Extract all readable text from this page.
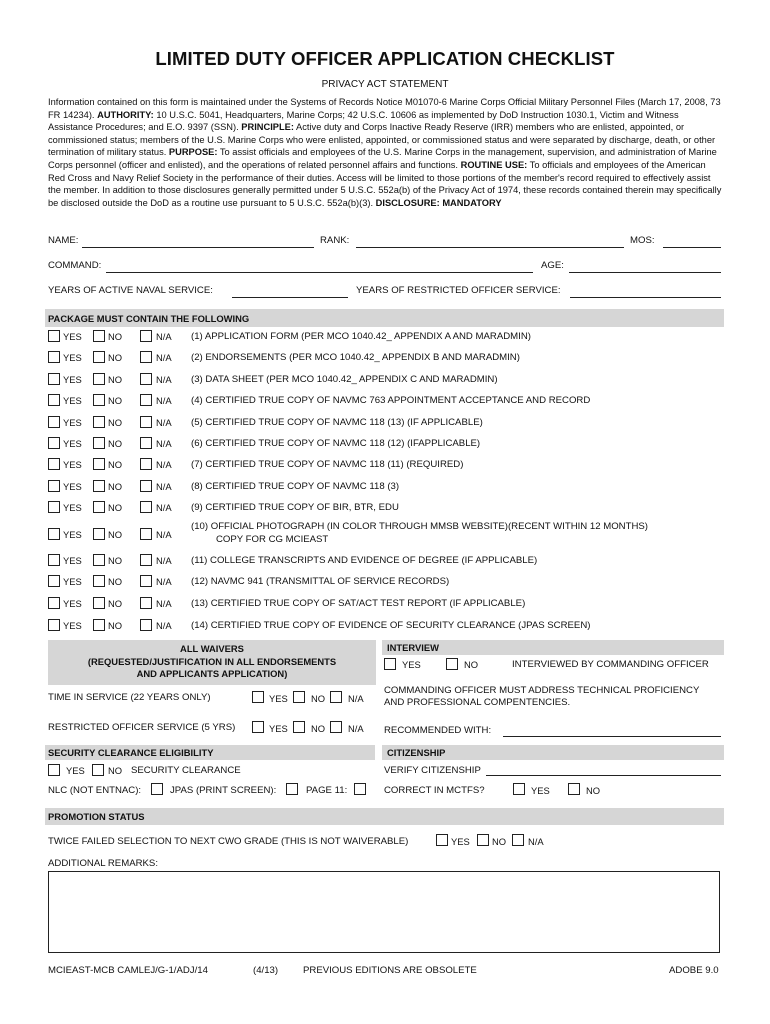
LIMITED DUTY OFFICER APPLICATION CHECKLIST
PRIVACY ACT STATEMENT
Information contained on this form is maintained under the Systems of Records Notice M01070-6 Marine Corps Official Military Personnel Files (March 17, 2008, 73 FR 14234). AUTHORITY: 10 U.S.C. 5041, Headquarters, Marine Corps; 42 U.S.C. 10606 as implemented by DoD Instruction 1030.1, Victim and Witness Assistance Procedures; and E.O. 9397 (SSN). PRINCIPLE: Active duty and Corps Inactive Ready Reserve (IRR) members who are enlisted, appointed, or commissioned status; members of the U.S. Marine Corps who were enlisted, appointed, or commissioned status and were separated by discharge, death, or other termination of military status. PURPOSE: To assist officials and employees of the U.S. Marine Corps in the management, supervision, and administration of Marine Corps personnel (officer and enlisted), and the operations of related personnel affairs and functions. ROUTINE USE: To officials and employees of the American Red Cross and Navy Relief Society in the performance of their duties. Access will be limited to those portions of the member's record required to effectively assist the member. In addition to those disclosures generally permitted under 5 U.S.C. 552a(b) of the Privacy Act of 1974, these records contained therein may specifically be disclosed outside the DoD as a routine use pursuant to 5 U.S.C. 552a(b)(3). DISCLOSURE: MANDATORY
NAME:	RANK:	MOS:
COMMAND:	AGE:
YEARS OF ACTIVE NAVAL SERVICE:	YEARS OF RESTRICTED OFFICER SERVICE:
PACKAGE MUST CONTAIN THE FOLLOWING
YES	NO	N/A (1) APPLICATION FORM (PER MCO 1040.42_ APPENDIX A AND MARADMIN)
YES	NO	N/A (2) ENDORSEMENTS (PER MCO 1040.42_ APPENDIX B AND MARADMIN)
YES	NO	N/A (3) DATA SHEET (PER MCO 1040.42_ APPENDIX C AND MARADMIN)
YES	NO	N/A (4) CERTIFIED TRUE COPY OF NAVMC 763 APPOINTMENT ACCEPTANCE AND RECORD
YES	NO	N/A (5) CERTIFIED TRUE COPY OF NAVMC 118 (13) (IF APPLICABLE)
YES	NO	N/A (6) CERTIFIED TRUE COPY OF NAVMC 118 (12) (IFAPPLICABLE)
YES	NO	N/A (7) CERTIFIED TRUE COPY OF NAVMC 118 (11) (REQUIRED)
YES	NO	N/A (8) CERTIFIED TRUE COPY OF NAVMC 118 (3)
YES	NO	N/A (9) CERTIFIED TRUE COPY OF BIR, BTR, EDU
YES	NO	N/A
(10) OFFICIAL PHOTOGRAPH (IN COLOR THROUGH MMSB WEBSITE)(RECENT WITHIN 12 MONTHS)
COPY FOR CG MCIEAST
YES	NO	N/A (11) COLLEGE TRANSCRIPTS AND EVIDENCE OF DEGREE (IF APPLICABLE)
YES	NO	N/A (12) NAVMC 941 (TRANSMITTAL OF SERVICE RECORDS)
YES	NO	N/A (13) CERTIFIED TRUE COPY OF SAT/ACT TEST REPORT (IF APPLICABLE)
YES	NO	N/A (14) CERTIFIED TRUE COPY OF EVIDENCE OF SECURITY CLEARANCE (JPAS SCREEN)
ALL WAIVERS
(REQUESTED/JUSTIFICATION IN ALL ENDORSEMENTS
AND APPLICANTS APPLICATION)
TIME IN SERVICE (22 YEARS ONLY)	YES NO N/A
RESTRICTED OFFICER SERVICE (5 YRS)	YES NO N/A
INTERVIEW
YES	NO	INTERVIEWED BY COMMANDING OFFICER
COMMANDING OFFICER MUST ADDRESS TECHNICAL PROFICIENCY
AND PROFESSIONAL COMPENTENCIES.
RECOMMENDED WITH:
SECURITY CLEARANCE ELIGIBILITY
YES NO SECURITY CLEARANCE
NLC (NOT ENTNAC):	JPAS (PRINT SCREEN):	PAGE 11:
CITIZENSHIP
VERIFY CITIZENSHIP
CORRECT IN MCTFS?	YES	NO
PROMOTION STATUS
TWICE FAILED SELECTION TO NEXT CWO GRADE (THIS IS NOT WAIVERABLE)	YES NO N/A
ADDITIONAL REMARKS:
MCIEAST-MCB CAMLEJ/G-1/ADJ/14	(4/13)	PREVIOUS EDITIONS ARE OBSOLETE	ADOBE 9.0
